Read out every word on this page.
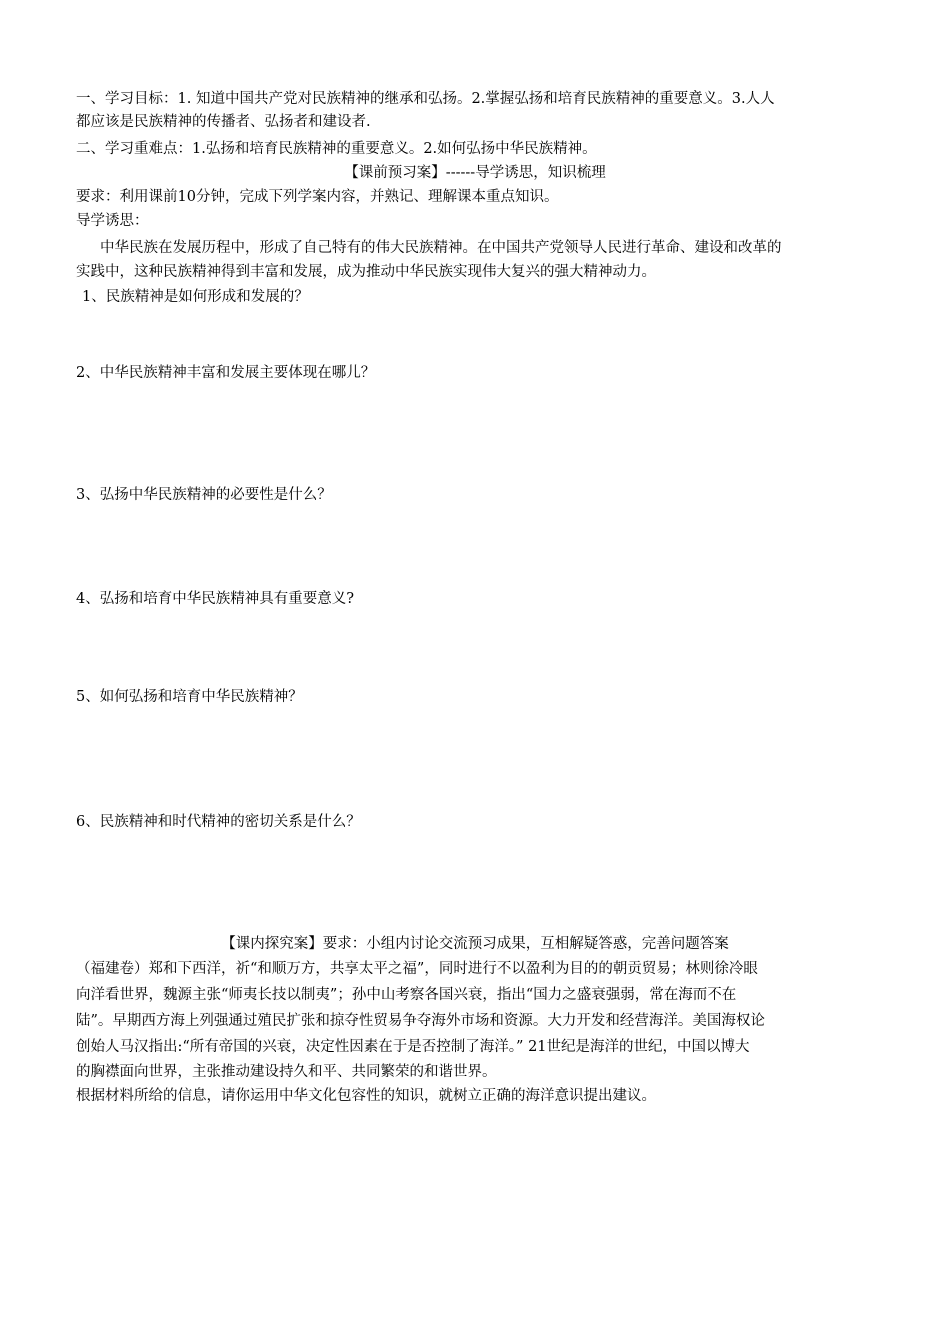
一、学习目标：1. 知道中国共产党对民族精神的继承和弘扬。2.掌握弘扬和培育民族精神的重要意义。3.人人
都应该是民族精神的传播者、弘扬者和建设者.
二、学习重难点：1.弘扬和培育民族精神的重要意义。2.如何弘扬中华民族精神。
【课前预习案】------导学诱思，知识梳理
要求：利用课前10分钟，完成下列学案内容，并熟记、理解课本重点知识。
导学诱思：
中华民族在发展历程中，形成了自己特有的伟大民族精神。在中国共产党领导人民进行革命、建设和改革的
实践中，这种民族精神得到丰富和发展，成为推动中华民族实现伟大复兴的强大精神动力。
1、民族精神是如何形成和发展的？
2、中华民族精神丰富和发展主要体现在哪儿？
3、弘扬中华民族精神的必要性是什么？
4、弘扬和培育中华民族精神具有重要意义?
5、如何弘扬和培育中华民族精神？
6、民族精神和时代精神的密切关系是什么？
【课内探究案】要求：小组内讨论交流预习成果，互相解疑答惑，完善问题答案
（福建卷）郑和下西洋，祈“和顺万方，共享太平之福”，同时进行不以盈利为目的的朝贡贸易；林则徐冷眼
向洋看世界，魏源主张“师夷长技以制夷”；孙中山考察各国兴衰，指出“国力之盛衰强弱，常在海而不在
陆”。早期西方海上列强通过殖民扩张和掠夺性贸易争夺海外市场和资源。大力开发和经营海洋。美国海权论
创始人马汉指出:“所有帝国的兴衰，决定性因素在于是否控制了海洋。” 21世纪是海洋的世纪，中国以博大
的胸襟面向世界，主张推动建设持久和平、共同繁荣的和谐世界。
根据材料所给的信息，请你运用中华文化包容性的知识，就树立正确的海洋意识提出建议。
